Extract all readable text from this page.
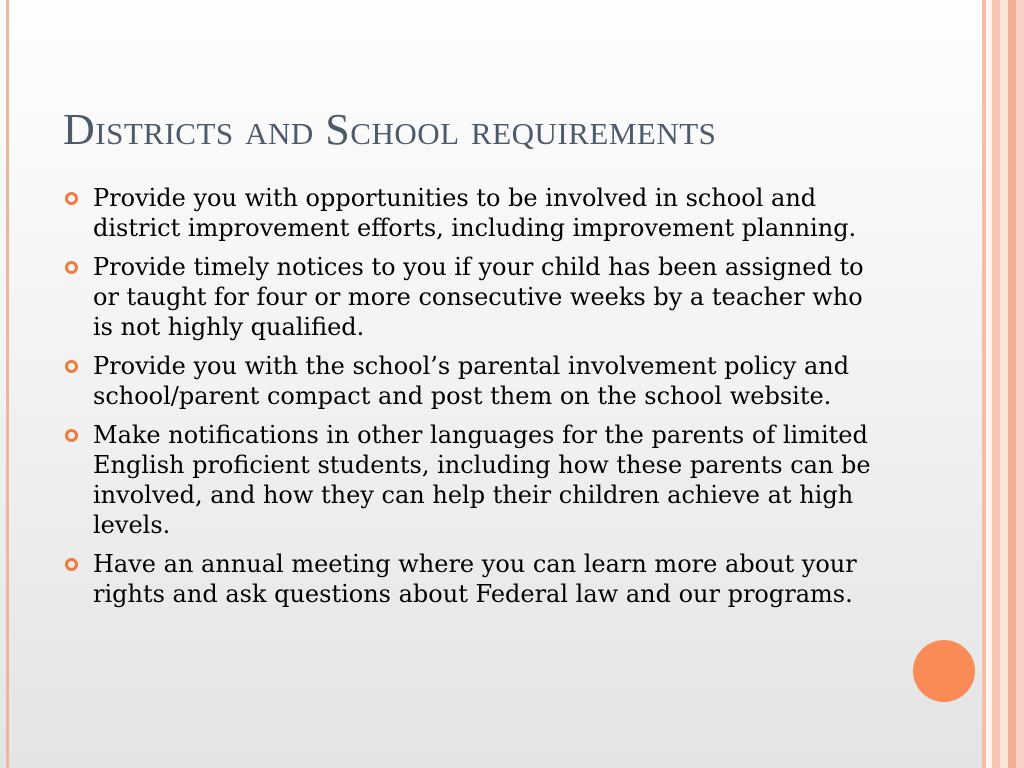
Districts and School requirements
Provide you with opportunities to be involved in school and district improvement efforts, including improvement planning.
Provide timely notices to you if your child has been assigned to or taught for four or more consecutive weeks by a teacher who is not highly qualified.
Provide you with the school’s parental involvement policy and school/parent compact and post them on the school website.
Make notifications in other languages for the parents of limited English proficient students, including how these parents can be involved, and how they can help their children achieve at high levels.
Have an annual meeting where you can learn more about your rights and ask questions about Federal law and our programs.
